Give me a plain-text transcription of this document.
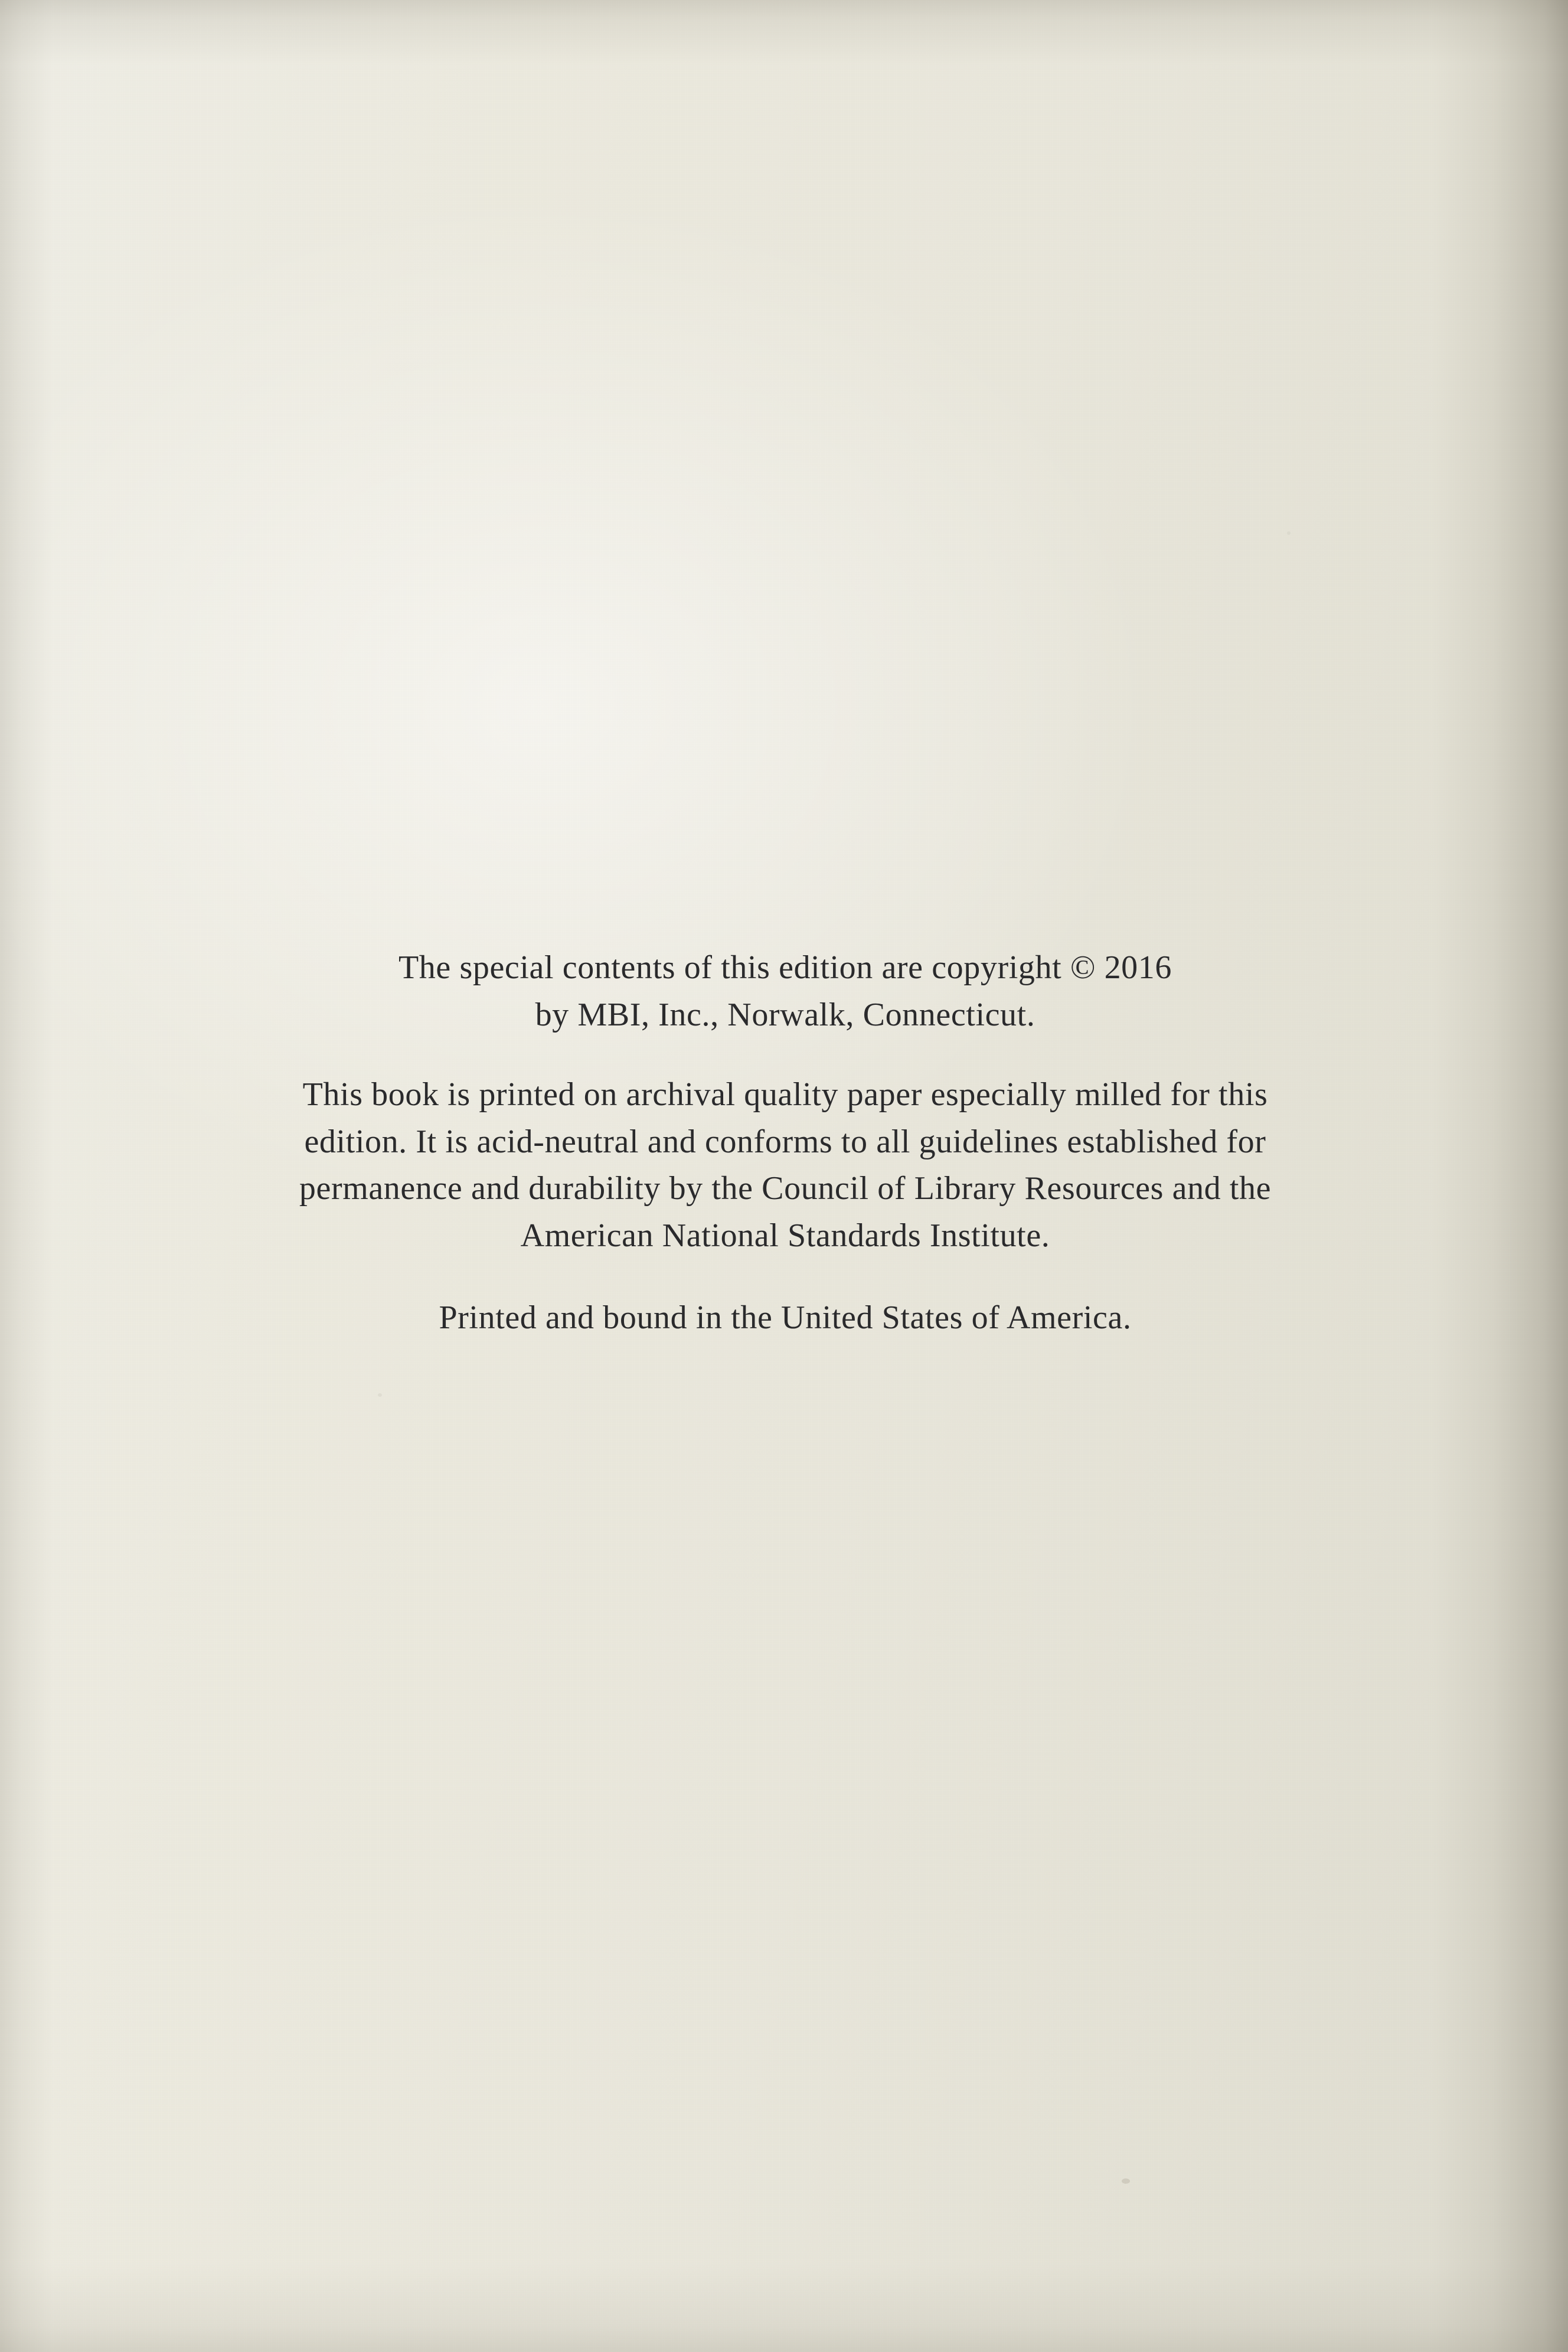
The special contents of this edition are copyright © 2016
by MBI, Inc., Norwalk, Connecticut.

This book is printed on archival quality paper especially milled for this
edition. It is acid-neutral and conforms to all guidelines established for
permanence and durability by the Council of Library Resources and the
American National Standards Institute.

Printed and bound in the United States of America.
